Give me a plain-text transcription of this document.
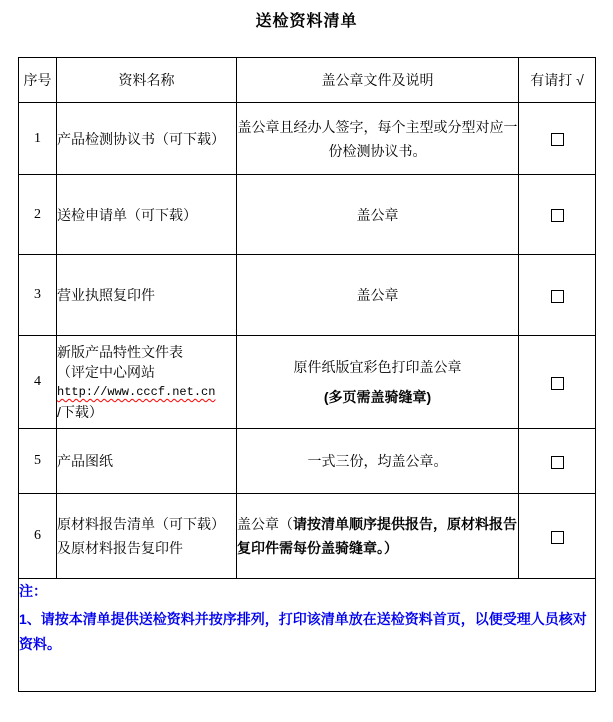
送检资料清单
序号	资料名称	盖公章文件及说明	有请打 √
1	产品检测协议书（可下载）	盖公章且经办人签字，每个主型或分型对应一份检测协议书。	
2	送检申请单（可下载）	盖公章	
3	营业执照复印件	盖公章	
4	新版产品特性文件表
（评定中心网站
http://www.cccf.net.cn
/下载）	原件纸版宜彩色打印盖公章
(多页需盖骑缝章)	

5	产品图纸	一式三份，均盖公章。	
6	原材料报告清单（可下载）及原材料报告复印件	盖公章（请按清单顺序提供报告，原材料报告复印件需每份盖骑缝章。）	

注：
1、请按本清单提供送检资料并按序排列，打印该清单放在送检资料首页，以便受理人员核对资料。			
